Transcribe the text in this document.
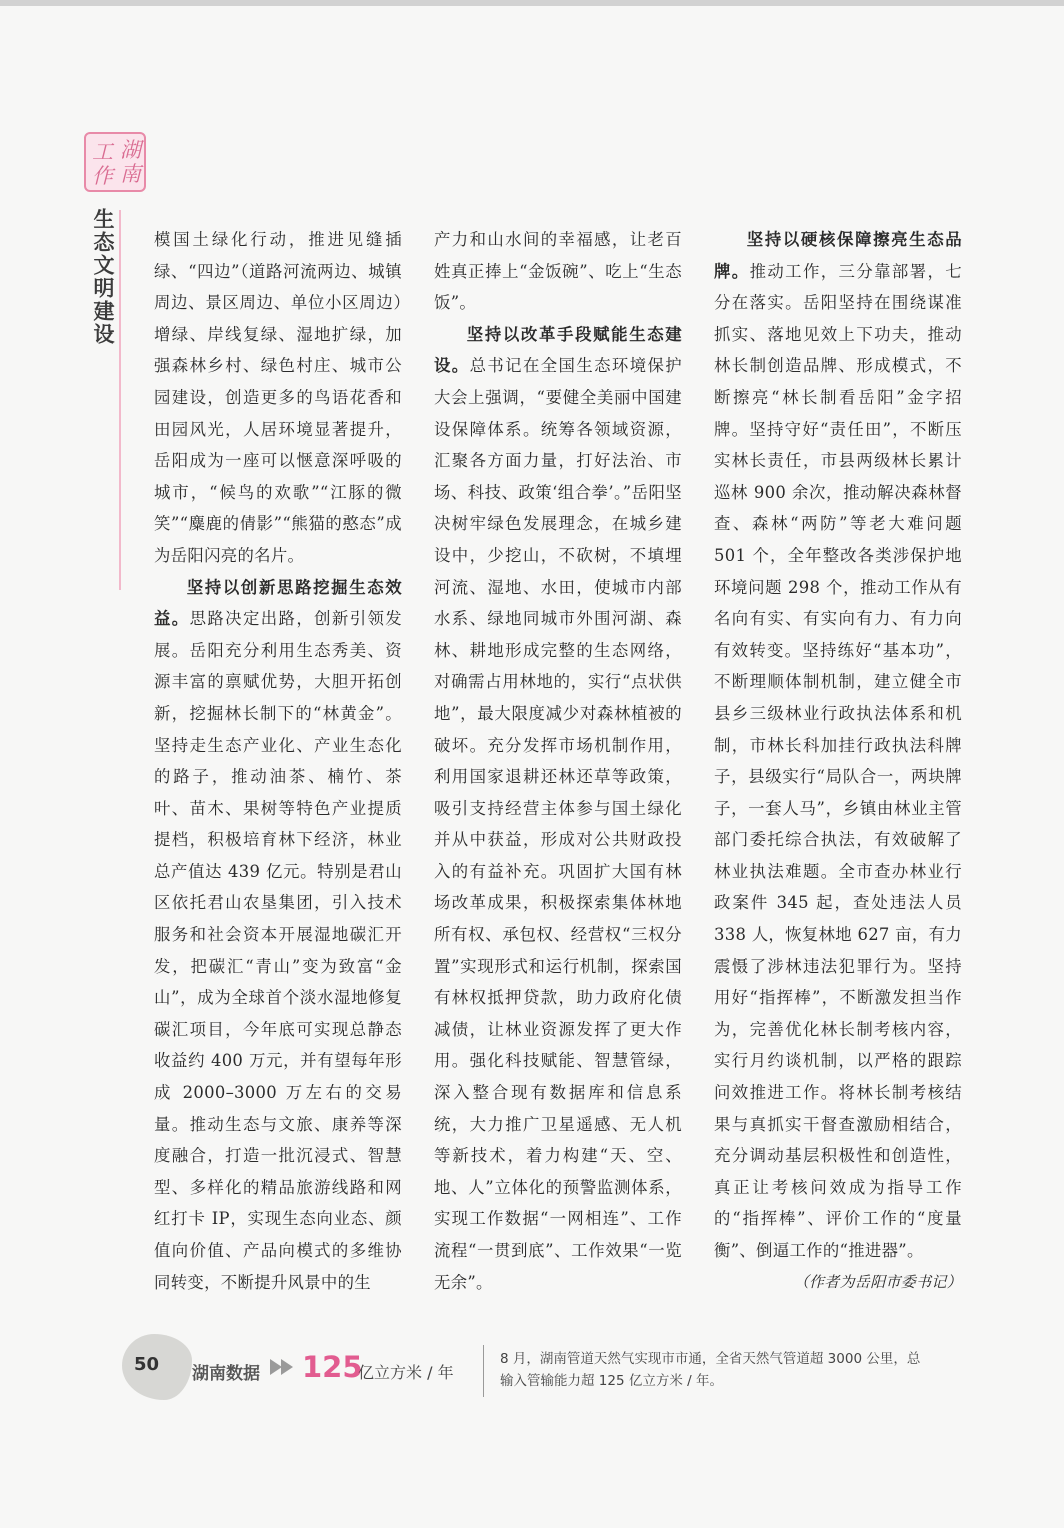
湖
南
工
作
生态文明建设 模国土绿化行动，推进见缝插绿、“四边”（道路河流两边、城镇周边、景区周边、单位小区周边）增绿、岸线复绿、湿地扩绿，加强森林乡村、绿色村庄、城市公园建设，创造更多的鸟语花香和田园风光，人居环境显著提升，岳阳成为一座可以惬意深呼吸的城市，“候鸟的欢歌”“江豚的微笑”“麋鹿的倩影”“熊猫的憨态”成为岳阳闪亮的名片。

坚持以创新思路挖掘生态效益。思路决定出路，创新引领发展。岳阳充分利用生态秀美、资源丰富的禀赋优势，大胆开拓创新，挖掘林长制下的“林黄金”。坚持走生态产业化、产业生态化的路子，推动油茶、楠竹、茶叶、苗木、果树等特色产业提质提档，积极培育林下经济，林业总产值达 439 亿元。特别是君山区依托君山农垦集团，引入技术服务和社会资本开展湿地碳汇开发，把碳汇“青山”变为致富“金山”，成为全球首个淡水湿地修复碳汇项目，今年底可实现总静态收益约 400 万元，并有望每年形成 2000–3000 万左右的交易量。推动生态与文旅、康养等深度融合，打造一批沉浸式、智慧型、多样化的精品旅游线路和网红打卡 IP，实现生态向业态、颜值向价值、产品向模式的多维协同转变，不断提升风景中的生

产力和山水间的幸福感，让老百姓真正捧上“金饭碗”、吃上“生态饭”。

坚持以改革手段赋能生态建设。总书记在全国生态环境保护大会上强调，“要健全美丽中国建设保障体系。统筹各领域资源，汇聚各方面力量，打好法治、市场、科技、政策‘组合拳’。”岳阳坚决树牢绿色发展理念，在城乡建设中，少挖山，不砍树，不填埋河流、湿地、水田，使城市内部水系、绿地同城市外围河湖、森林、耕地形成完整的生态网络，对确需占用林地的，实行“点状供地”，最大限度减少对森林植被的破坏。充分发挥市场机制作用，利用国家退耕还林还草等政策，吸引支持经营主体参与国土绿化并从中获益，形成对公共财政投入的有益补充。巩固扩大国有林场改革成果，积极探索集体林地所有权、承包权、经营权“三权分置”实现形式和运行机制，探索国有林权抵押贷款，助力政府化债减债，让林业资源发挥了更大作用。强化科技赋能、智慧管绿，深入整合现有数据库和信息系统，大力推广卫星遥感、无人机等新技术，着力构建“天、空、地、人”立体化的预警监测体系，实现工作数据“一网相连”、工作流程“一贯到底”、工作效果“一览无余”。

坚持以硬核保障擦亮生态品牌。推动工作，三分靠部署，七分在落实。岳阳坚持在围绕谋准抓实、落地见效上下功夫，推动林长制创造品牌、形成模式，不断擦亮“林长制看岳阳”金字招牌。坚持守好“责任田”，不断压实林长责任，市县两级林长累计巡林 900 余次，推动解决森林督查、森林“两防”等老大难问题 501 个，全年整改各类涉保护地环境问题 298 个，推动工作从有名向有实、有实向有力、有力向有效转变。坚持练好“基本功”，不断理顺体制机制，建立健全市县乡三级林业行政执法体系和机制，市林长科加挂行政执法科牌子，县级实行“局队合一，两块牌子，一套人马”，乡镇由林业主管部门委托综合执法，有效破解了林业执法难题。全市查办林业行政案件 345 起，查处违法人员 338 人，恢复林地 627 亩，有力震慑了涉林违法犯罪行为。坚持用好“指挥棒”，不断激发担当作为，完善优化林长制考核内容，实行月约谈机制，以严格的跟踪问效推进工作。将林长制考核结果与真抓实干督查激励相结合，充分调动基层积极性和创造性，真正让考核问效成为指导工作的“指挥棒”、评价工作的“度量衡”、倒逼工作的“推进器”。

（作者为岳阳市委书记）

50 湖南数据 125
亿立方米 / 年
8 月，湖南管道天然气实现市市通，全省天然气管道超 3000 公里，总输入管输能力超 125 亿立方米 / 年。
